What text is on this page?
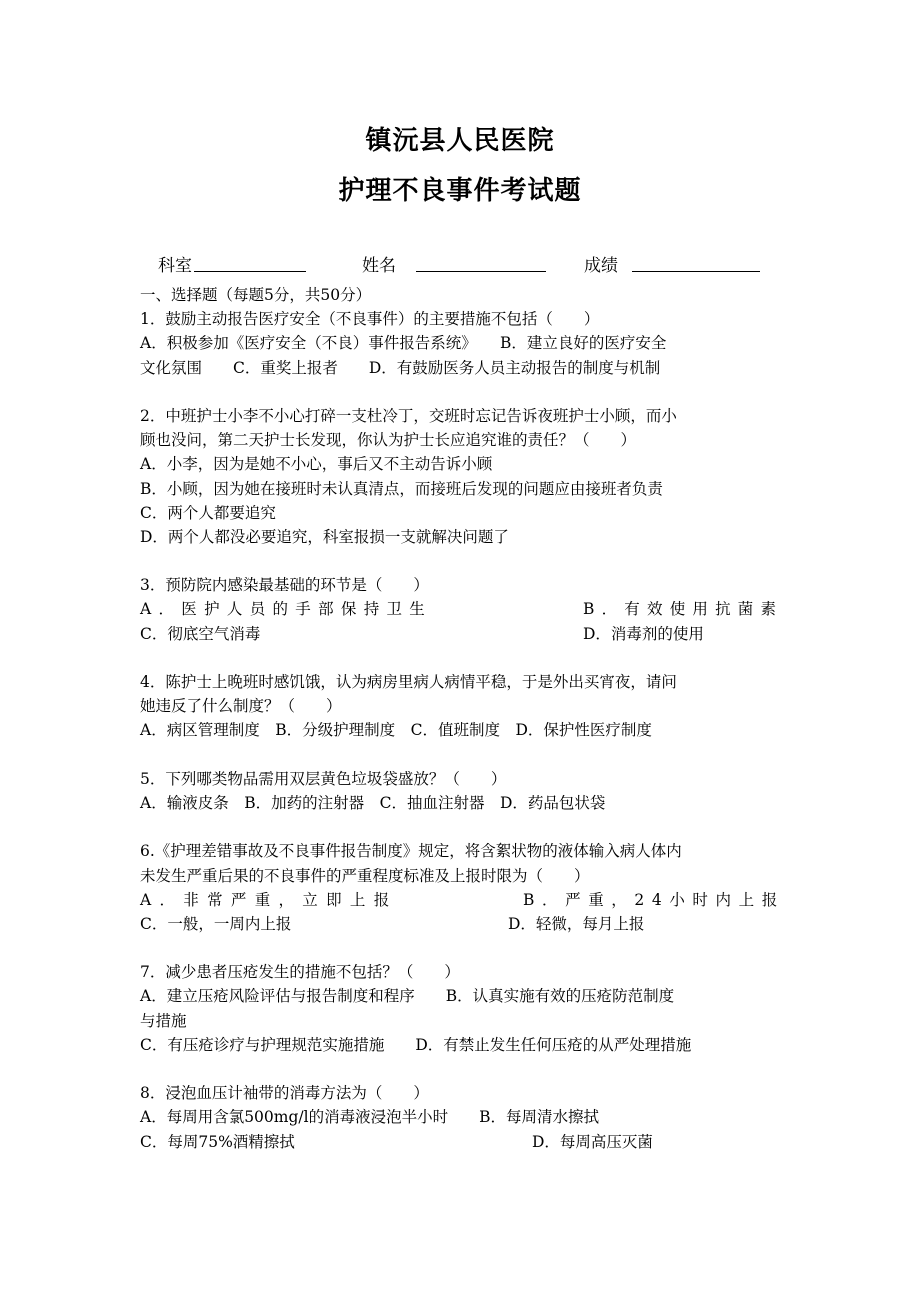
镇沅县人民医院
护理不良事件考试题
科室	姓名	成绩
一、选择题（每题5分，共50分）
1．鼓励主动报告医疗安全（不良事件）的主要措施不包括（　　）
A．积极参加《医疗安全（不良）事件报告系统》　　B．建立良好的医疗安全
文化氛围　　C．重奖上报者　　D．有鼓励医务人员主动报告的制度与机制
2．中班护士小李不小心打碎一支杜冷丁，交班时忘记告诉夜班护士小顾，而小
顾也没问，第二天护士长发现，你认为护士长应追究谁的责任？（　　）
A．小李，因为是她不小心，事后又不主动告诉小顾
B．小顾，因为她在接班时未认真清点，而接班后发现的问题应由接班者负责
C．两个人都要追究
D．两个人都没必要追究，科室报损一支就解决问题了
3．预防院内感染最基础的环节是（　　）
A．医护人员的手部保持卫生	B．有效使用抗菌素
C．彻底空气消毒	D．消毒剂的使用
4．陈护士上晚班时感饥饿，认为病房里病人病情平稳，于是外出买宵夜，请问
她违反了什么制度？（　　）
A．病区管理制度　B．分级护理制度　C．值班制度　D．保护性医疗制度
5．下列哪类物品需用双层黄色垃圾袋盛放？（　　）
A．输液皮条　B．加药的注射器　C．抽血注射器　D．药品包状袋
6.《护理差错事故及不良事件报告制度》规定，将含絮状物的液体输入病人体内
未发生严重后果的不良事件的严重程度标准及上报时限为（　　）
A．非常严重，立即上报	B．严重，24小时内上报
C．一般，一周内上报	D．轻微，每月上报
7．减少患者压疮发生的措施不包括？（　　）
A．建立压疮风险评估与报告制度和程序　　B．认真实施有效的压疮防范制度
与措施
C．有压疮诊疗与护理规范实施措施　　D．有禁止发生任何压疮的从严处理措施
8．浸泡血压计袖带的消毒方法为（　　）
A．每周用含氯500mg/l的消毒液浸泡半小时　　B．每周清水擦拭
C．每周75%酒精擦拭	D．每周高压灭菌
